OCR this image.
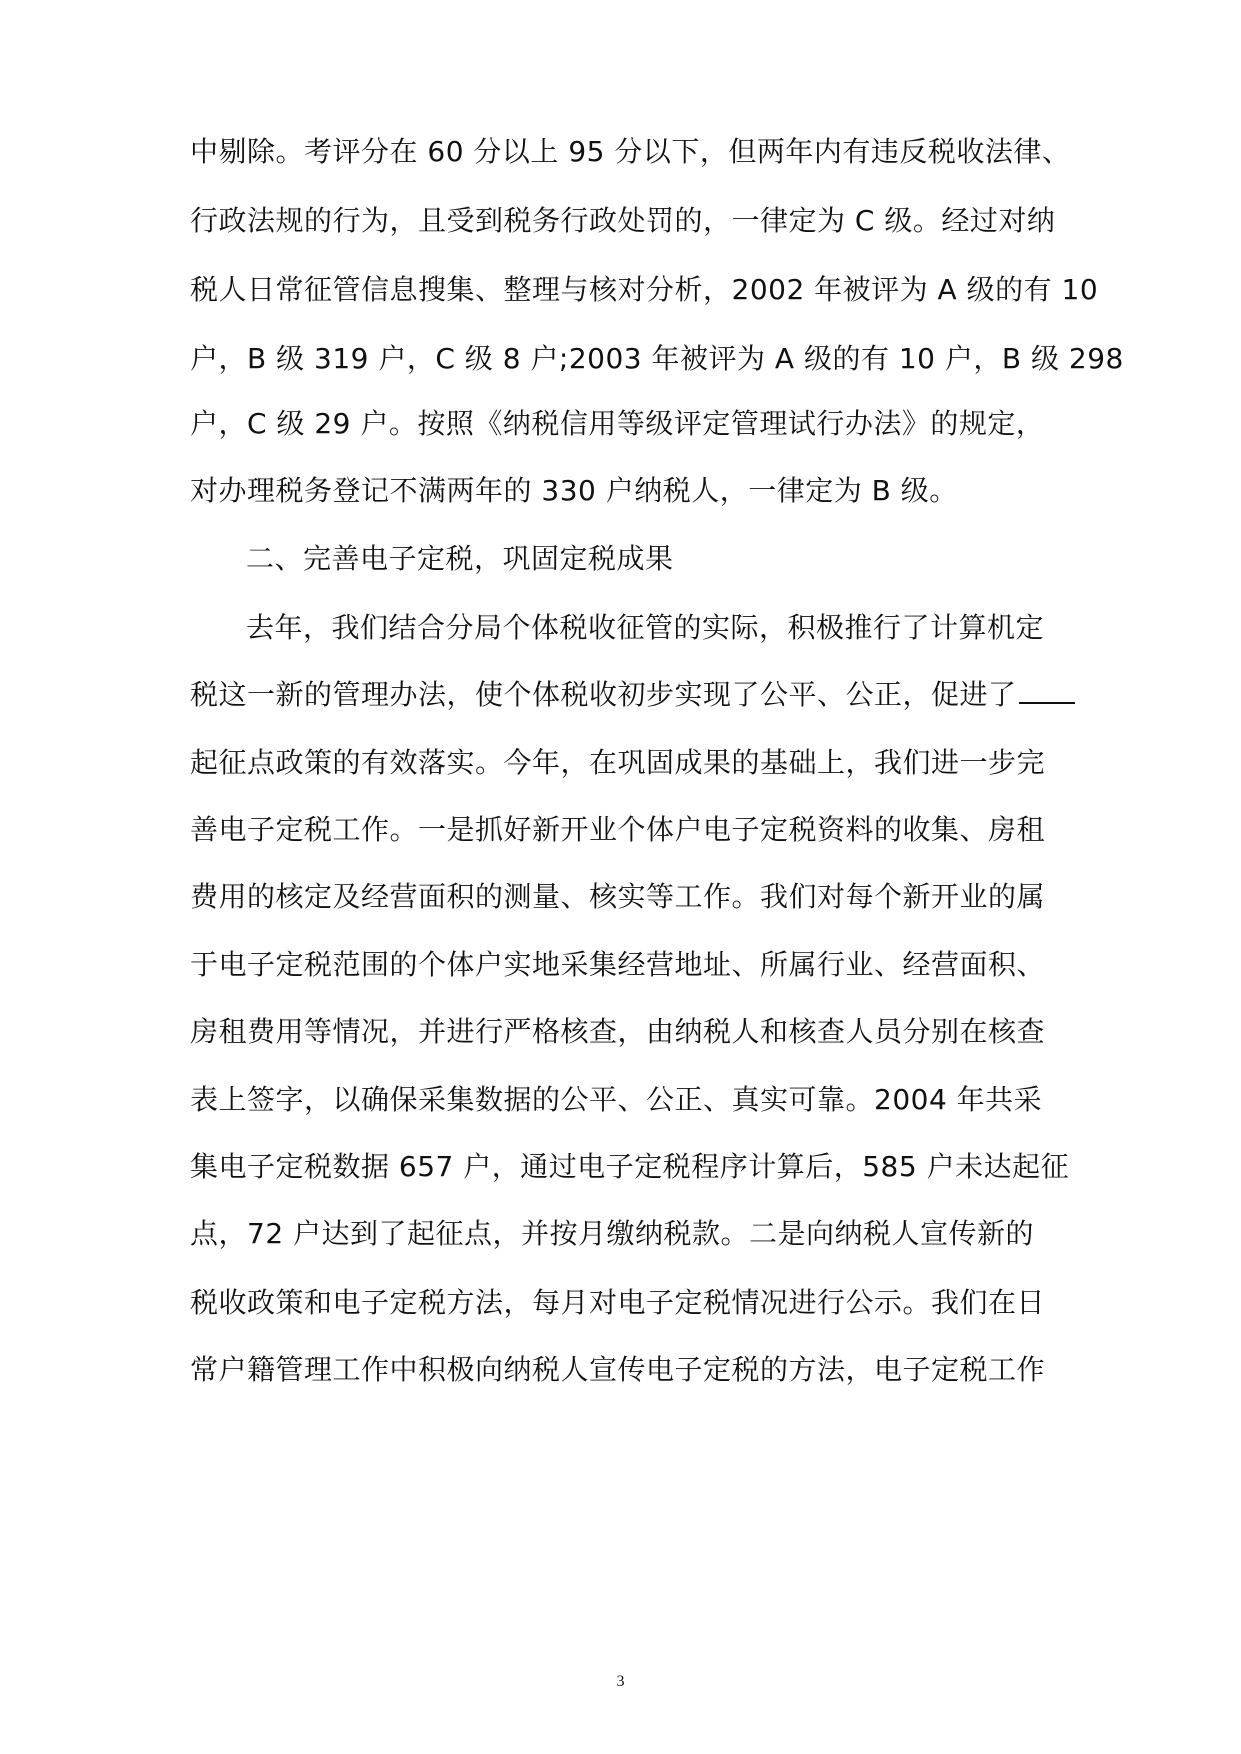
中剔除。考评分在 60 分以上 95 分以下，但两年内有违反税收法律、
行政法规的行为，且受到税务行政处罚的，一律定为 C 级。经过对纳
税人日常征管信息搜集、整理与核对分析，2002 年被评为 A 级的有 10
户，B 级 319 户，C 级 8 户;2003 年被评为 A 级的有 10 户，B 级 298
户，C 级 29 户。按照《纳税信用等级评定管理试行办法》的规定，
对办理税务登记不满两年的 330 户纳税人，一律定为 B 级。
二、完善电子定税，巩固定税成果
去年，我们结合分局个体税收征管的实际，积极推行了计算机定
税这一新的管理办法，使个体税收初步实现了公平、公正，促进了
起征点政策的有效落实。今年，在巩固成果的基础上，我们进一步完
善电子定税工作。一是抓好新开业个体户电子定税资料的收集、房租
费用的核定及经营面积的测量、核实等工作。我们对每个新开业的属
于电子定税范围的个体户实地采集经营地址、所属行业、经营面积、
房租费用等情况，并进行严格核查，由纳税人和核查人员分别在核查
表上签字，以确保采集数据的公平、公正、真实可靠。2004 年共采
集电子定税数据 657 户，通过电子定税程序计算后，585 户未达起征
点，72 户达到了起征点，并按月缴纳税款。二是向纳税人宣传新的
税收政策和电子定税方法，每月对电子定税情况进行公示。我们在日
常户籍管理工作中积极向纳税人宣传电子定税的方法，电子定税工作
3
